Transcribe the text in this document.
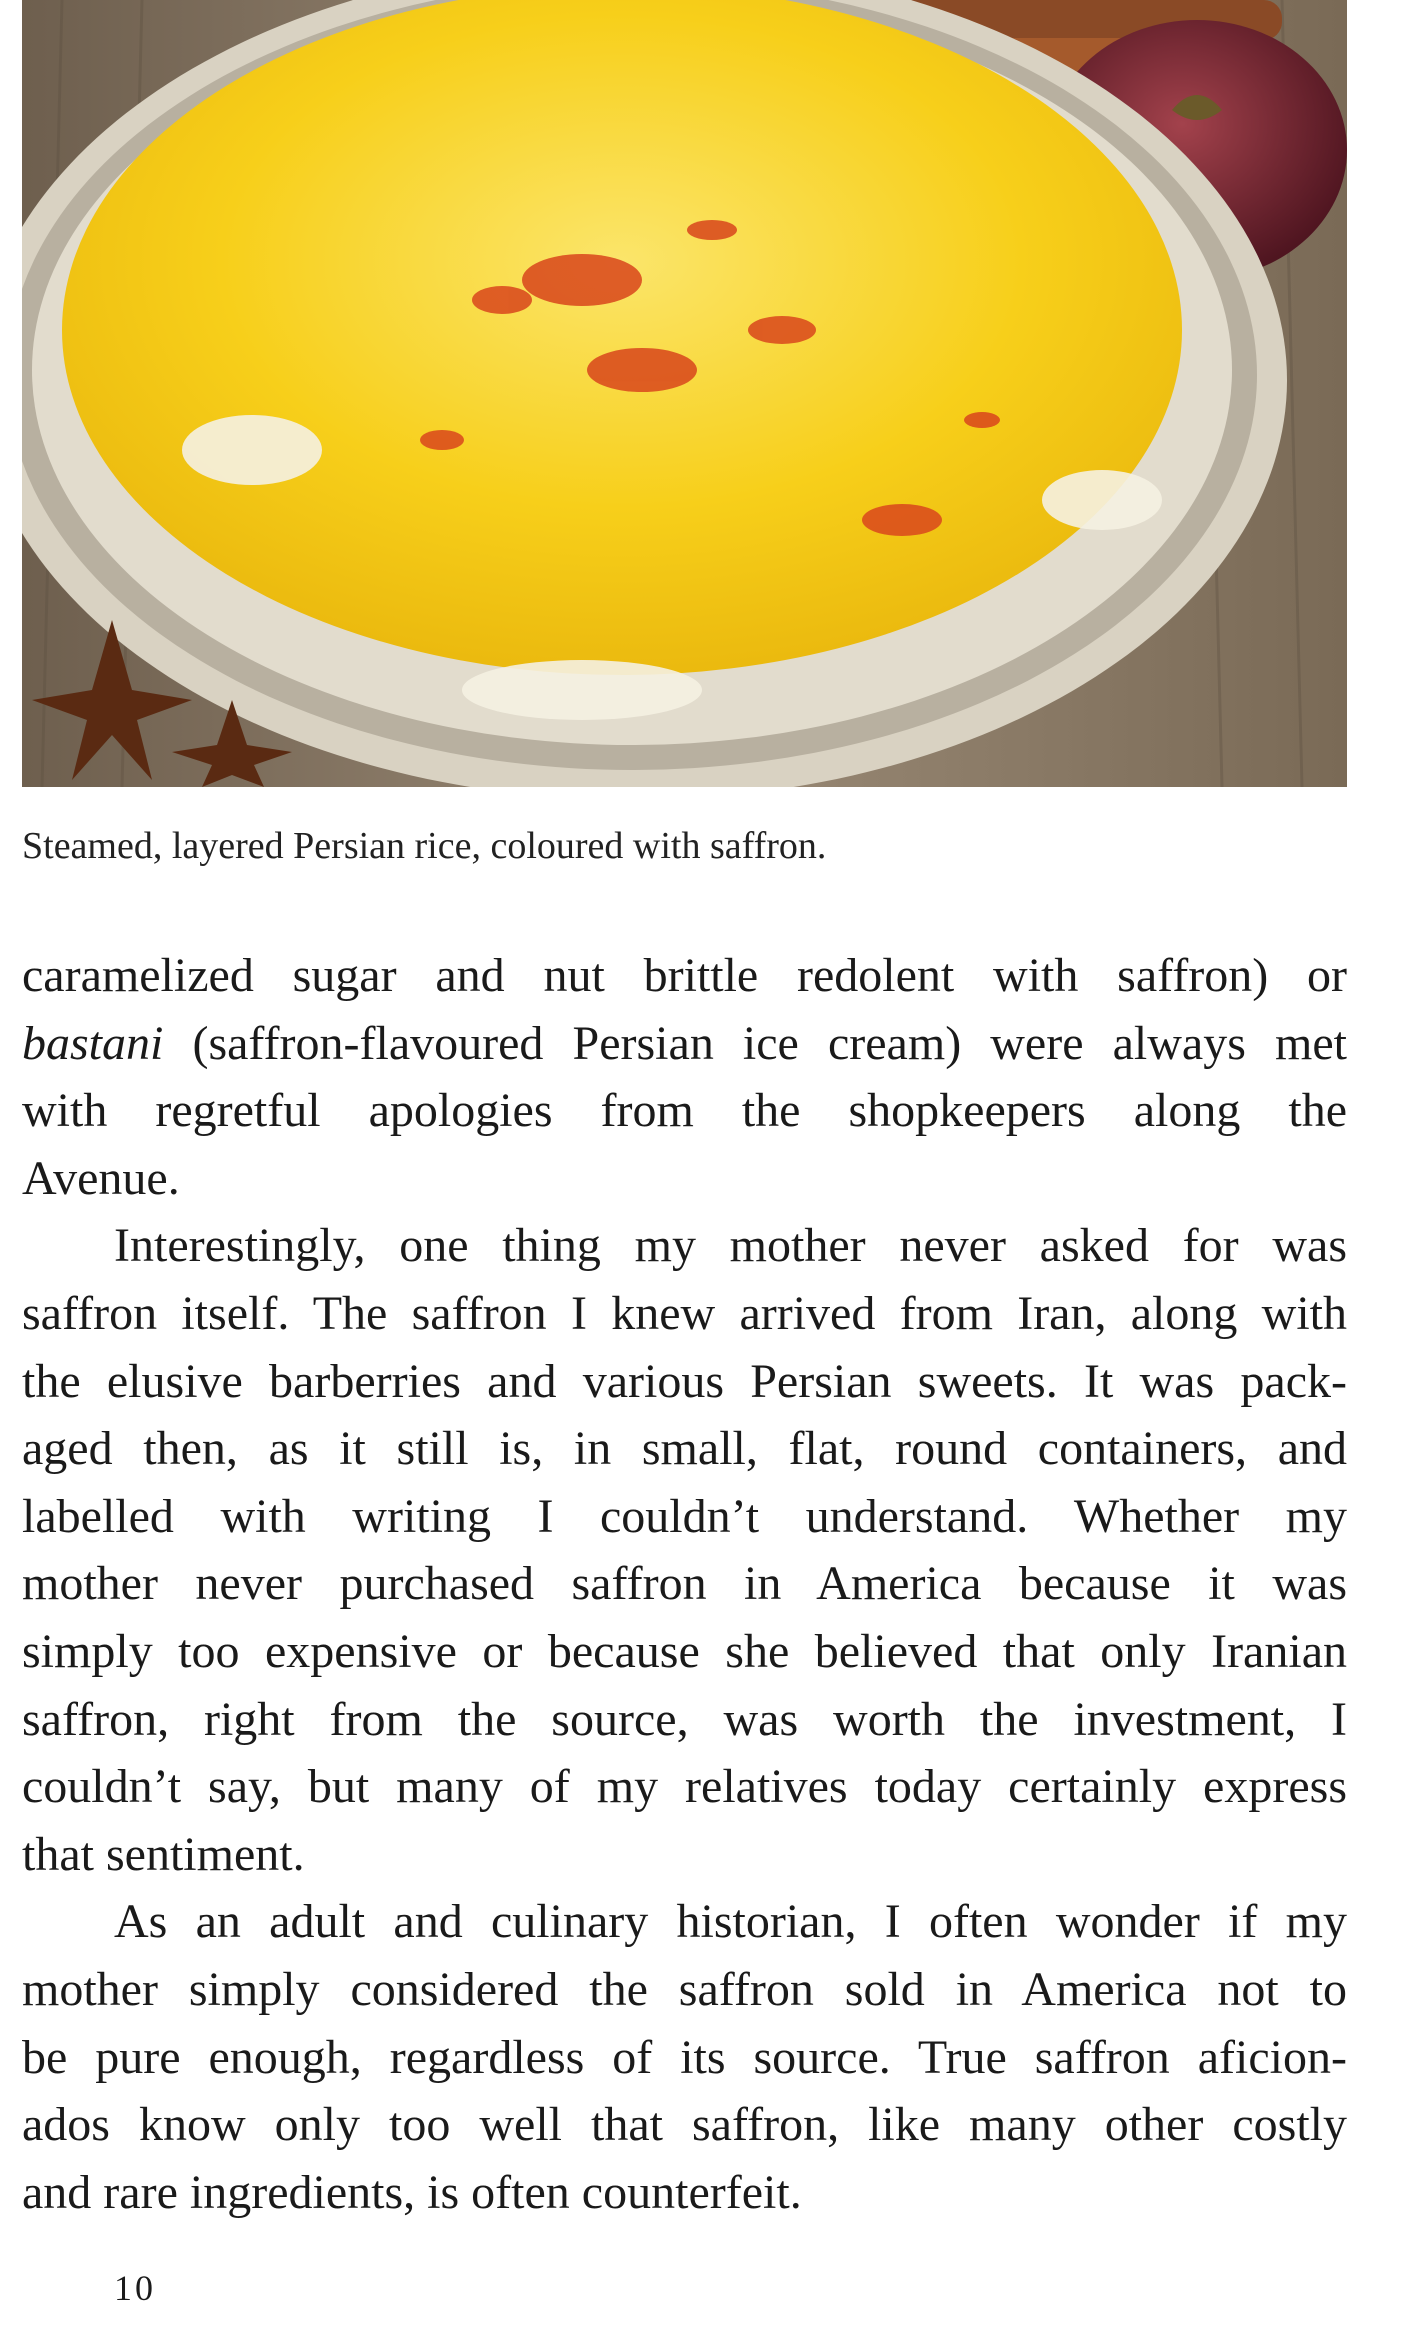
Steamed, layered Persian rice, coloured with saffron.
caramelized sugar and nut brittle redolent with saffron) or
bastani (saffron-flavoured Persian ice cream) were always met
with regretful apologies from the shopkeepers along the
Avenue.
Interestingly, one thing my mother never asked for was
saffron itself. The saffron I knew arrived from Iran, along with
the elusive barberries and various Persian sweets. It was pack-
aged then, as it still is, in small, flat, round containers, and
labelled with writing I couldn’t understand. Whether my
mother never purchased saffron in America because it was
simply too expensive or because she believed that only Iranian
saffron, right from the source, was worth the investment, I
couldn’t say, but many of my relatives today certainly express
that sentiment.
As an adult and culinary historian, I often wonder if my
mother simply considered the saffron sold in America not to
be pure enough, regardless of its source. True saffron aficion-
ados know only too well that saffron, like many other costly
and rare ingredients, is often counterfeit.
10
